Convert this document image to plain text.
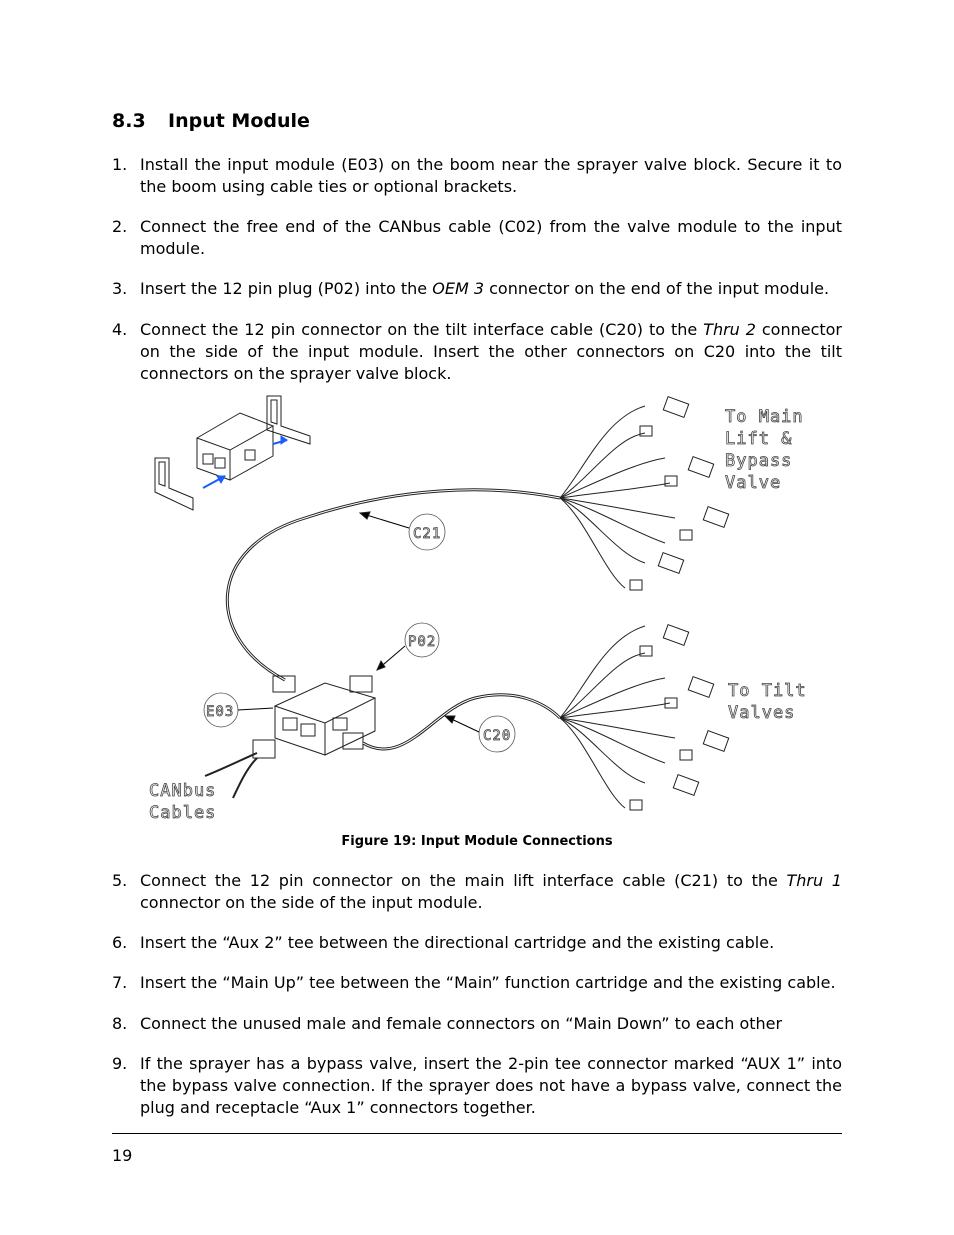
8.3 Input Module
1. Install the input module (E03) on the boom near the sprayer valve block. Secure it to the boom using cable ties or optional brackets.
2. Connect the free end of the CANbus cable (C02) from the valve module to the input module.
3. Insert the 12 pin plug (P02) into the OEM 3 connector on the end of the input module.
4. Connect the 12 pin connector on the tilt interface cable (C20) to the Thru 2 connector on the side of the input module. Insert the other connectors on C20 into the tilt connectors on the sprayer valve block.
To Main
Lift &
Bypass
Valve
To Tilt
Valves
CANbus
Cables
C21
P02
E03
C20
Figure 19: Input Module Connections
5. Connect the 12 pin connector on the main lift interface cable (C21) to the Thru 1 connector on the side of the input module.
6. Insert the “Aux 2” tee between the directional cartridge and the existing cable.
7. Insert the “Main Up” tee between the “Main” function cartridge and the existing cable.
8. Connect the unused male and female connectors on “Main Down” to each other
9. If the sprayer has a bypass valve, insert the 2-pin tee connector marked “AUX 1” into the bypass valve connection. If the sprayer does not have a bypass valve, connect the plug and receptacle “Aux 1” connectors together.
19
